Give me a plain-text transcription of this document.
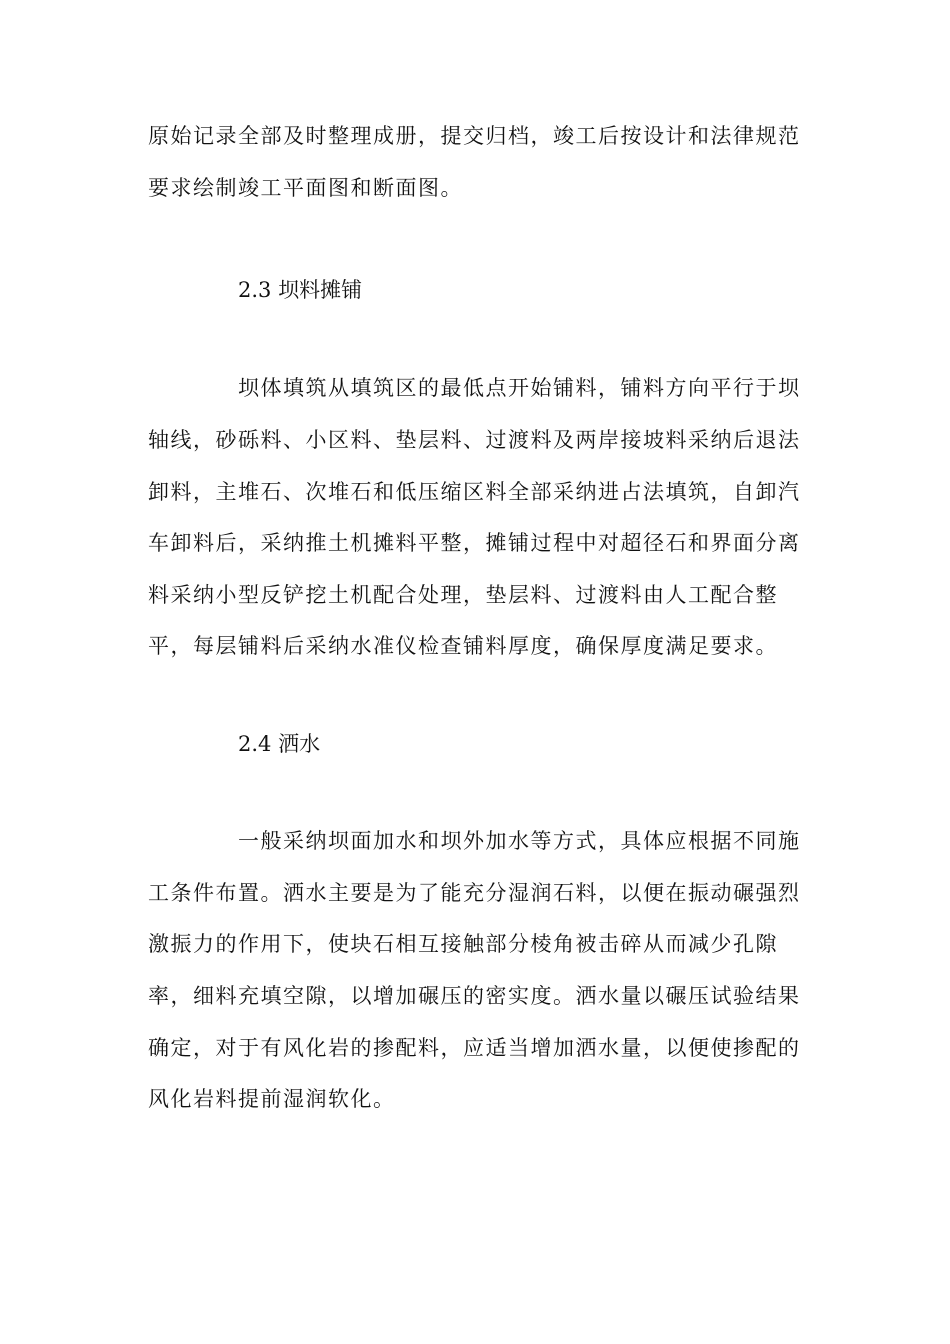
原始记录全部及时整理成册，提交归档，竣工后按设计和法律规范
要求绘制竣工平面图和断面图。
2.3 坝料摊铺
坝体填筑从填筑区的最低点开始铺料，铺料方向平行于坝
轴线，砂砾料、小区料、垫层料、过渡料及两岸接坡料采纳后退法
卸料，主堆石、次堆石和低压缩区料全部采纳进占法填筑，自卸汽
车卸料后，采纳推土机摊料平整，摊铺过程中对超径石和界面分离
料采纳小型反铲挖土机配合处理，垫层料、过渡料由人工配合整
平，每层铺料后采纳水准仪检查铺料厚度，确保厚度满足要求。
2.4 洒水
一般采纳坝面加水和坝外加水等方式，具体应根据不同施
工条件布置。洒水主要是为了能充分湿润石料，以便在振动碾强烈
激振力的作用下，使块石相互接触部分棱角被击碎从而减少孔隙
率，细料充填空隙，以增加碾压的密实度。洒水量以碾压试验结果
确定，对于有风化岩的掺配料，应适当增加洒水量，以便使掺配的
风化岩料提前湿润软化。
